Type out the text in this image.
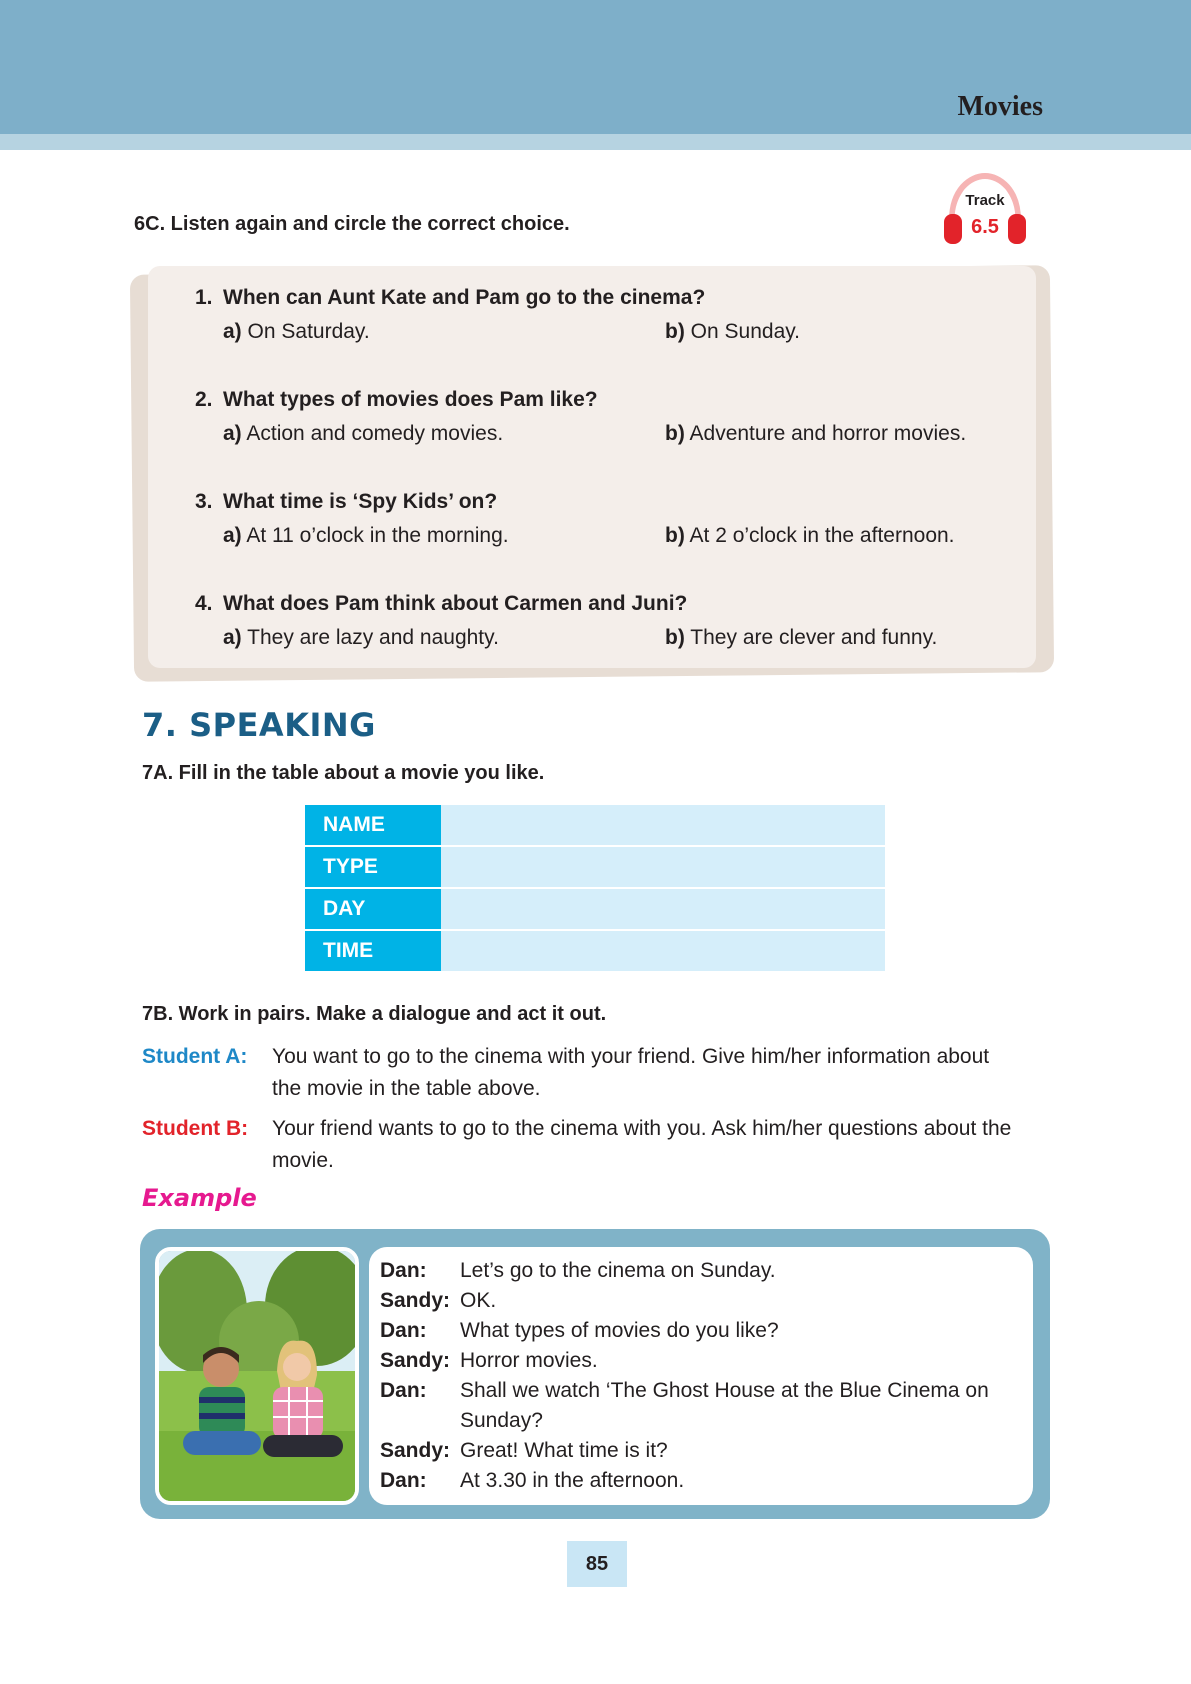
Movies
6C. Listen again and circle the correct choice.
Track
6.5
1. When can Aunt Kate and Pam go to the cinema?
a) On Saturday.	b) On Sunday.
2. What types of movies does Pam like?
a) Action and comedy movies.	b) Adventure and horror movies.
3. What time is ‘Spy Kids’ on?
a) At 11 o’clock in the morning.	b) At 2 o’clock in the afternoon.
4. What does Pam think about Carmen and Juni?
a) They are lazy and naughty.	b) They are clever and funny.
7. SPEAKING
7A. Fill in the table about a movie you like.
NAME	
TYPE	
DAY	
TIME	
7B. Work in pairs. Make a dialogue and act it out.
Student A: You want to go to the cinema with your friend. Give him/her information about
the movie in the table above.
Student B: Your friend wants to go to the cinema with you. Ask him/her questions about the
movie.
Example
Dan: Let’s go to the cinema on Sunday.
Sandy: OK.
Dan: What types of movies do you like?
Sandy: Horror movies.
Dan: Shall we watch ‘The Ghost House at the Blue Cinema on
Sunday?
Sandy: Great! What time is it?
Dan: At 3.30 in the afternoon.
85
